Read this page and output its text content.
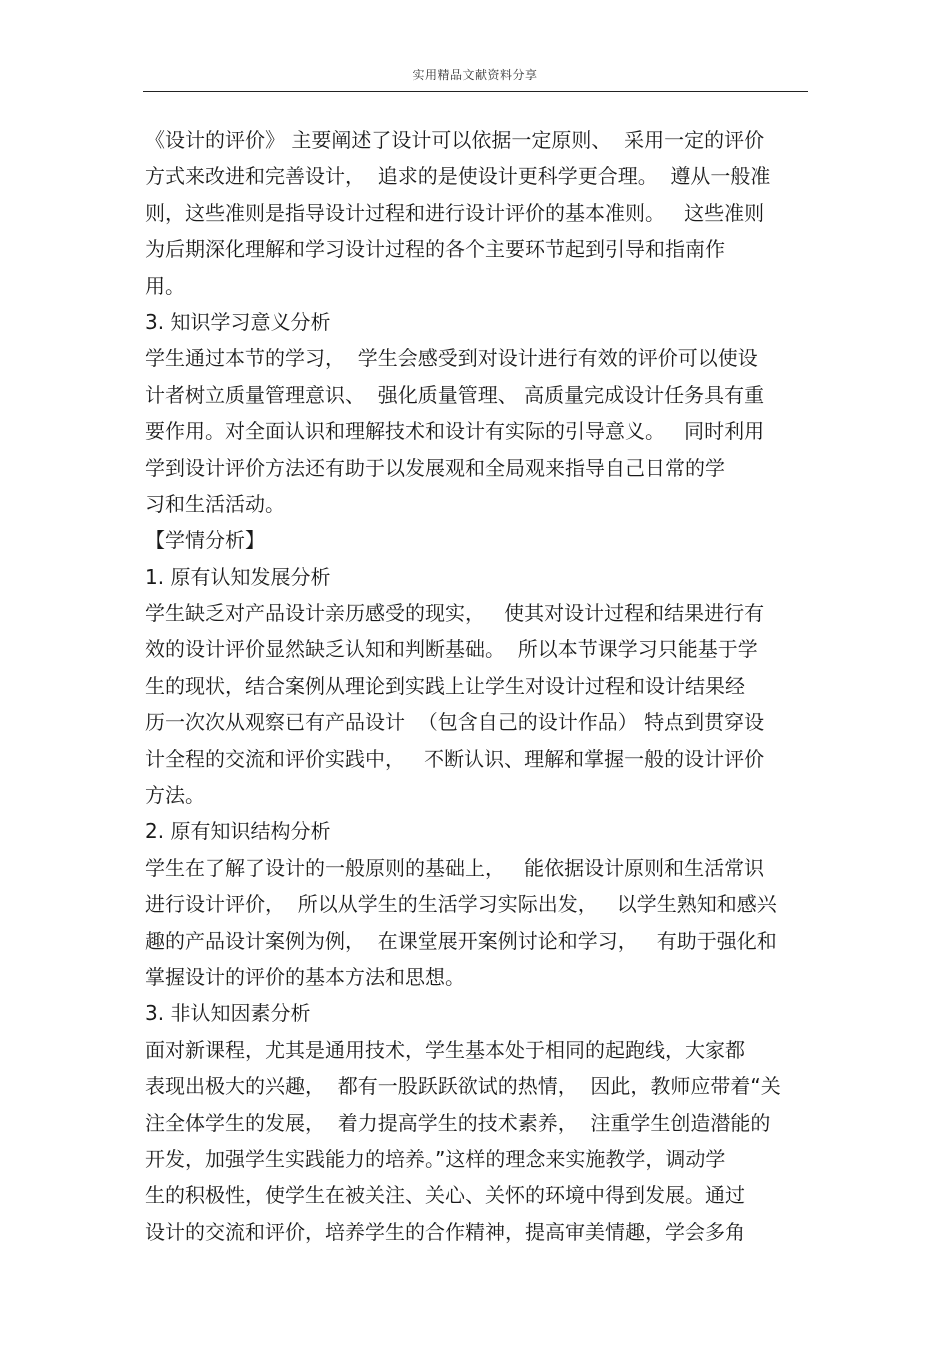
实用精品文献资料分享
《设计的评价》 主要阐述了设计可以依据一定原则、  采用一定的评价
方式来改进和完善设计，  追求的是使设计更科学更合理。  遵从一般准
则，这些准则是指导设计过程和进行设计评价的基本准则。   这些准则
为后期深化理解和学习设计过程的各个主要环节起到引导和指南作
用。
3. 知识学习意义分析
学生通过本节的学习，  学生会感受到对设计进行有效的评价可以使设
计者树立质量管理意识、  强化质量管理、 高质量完成设计任务具有重
要作用。对全面认识和理解技术和设计有实际的引导意义。   同时利用
学到设计评价方法还有助于以发展观和全局观来指导自己日常的学
习和生活活动。
【学情分析】
1. 原有认知发展分析
学生缺乏对产品设计亲历感受的现实，   使其对设计过程和结果进行有
效的设计评价显然缺乏认知和判断基础。  所以本节课学习只能基于学
生的现状，结合案例从理论到实践上让学生对设计过程和设计结果经
历一次次从观察已有产品设计  （包含自己的设计作品） 特点到贯穿设
计全程的交流和评价实践中，   不断认识、理解和掌握一般的设计评价
方法。
2. 原有知识结构分析
学生在了解了设计的一般原则的基础上，   能依据设计原则和生活常识
进行设计评价，  所以从学生的生活学习实际出发，   以学生熟知和感兴
趣的产品设计案例为例，  在课堂展开案例讨论和学习，   有助于强化和
掌握设计的评价的基本方法和思想。
3. 非认知因素分析
面对新课程，尤其是通用技术，学生基本处于相同的起跑线，大家都
表现出极大的兴趣，  都有一股跃跃欲试的热情，  因此，教师应带着“关
注全体学生的发展，  着力提高学生的技术素养，  注重学生创造潜能的
开发，加强学生实践能力的培养。”这样的理念来实施教学，调动学
生的积极性，使学生在被关注、关心、关怀的环境中得到发展。通过
设计的交流和评价，培养学生的合作精神，提高审美情趣，学会多角
